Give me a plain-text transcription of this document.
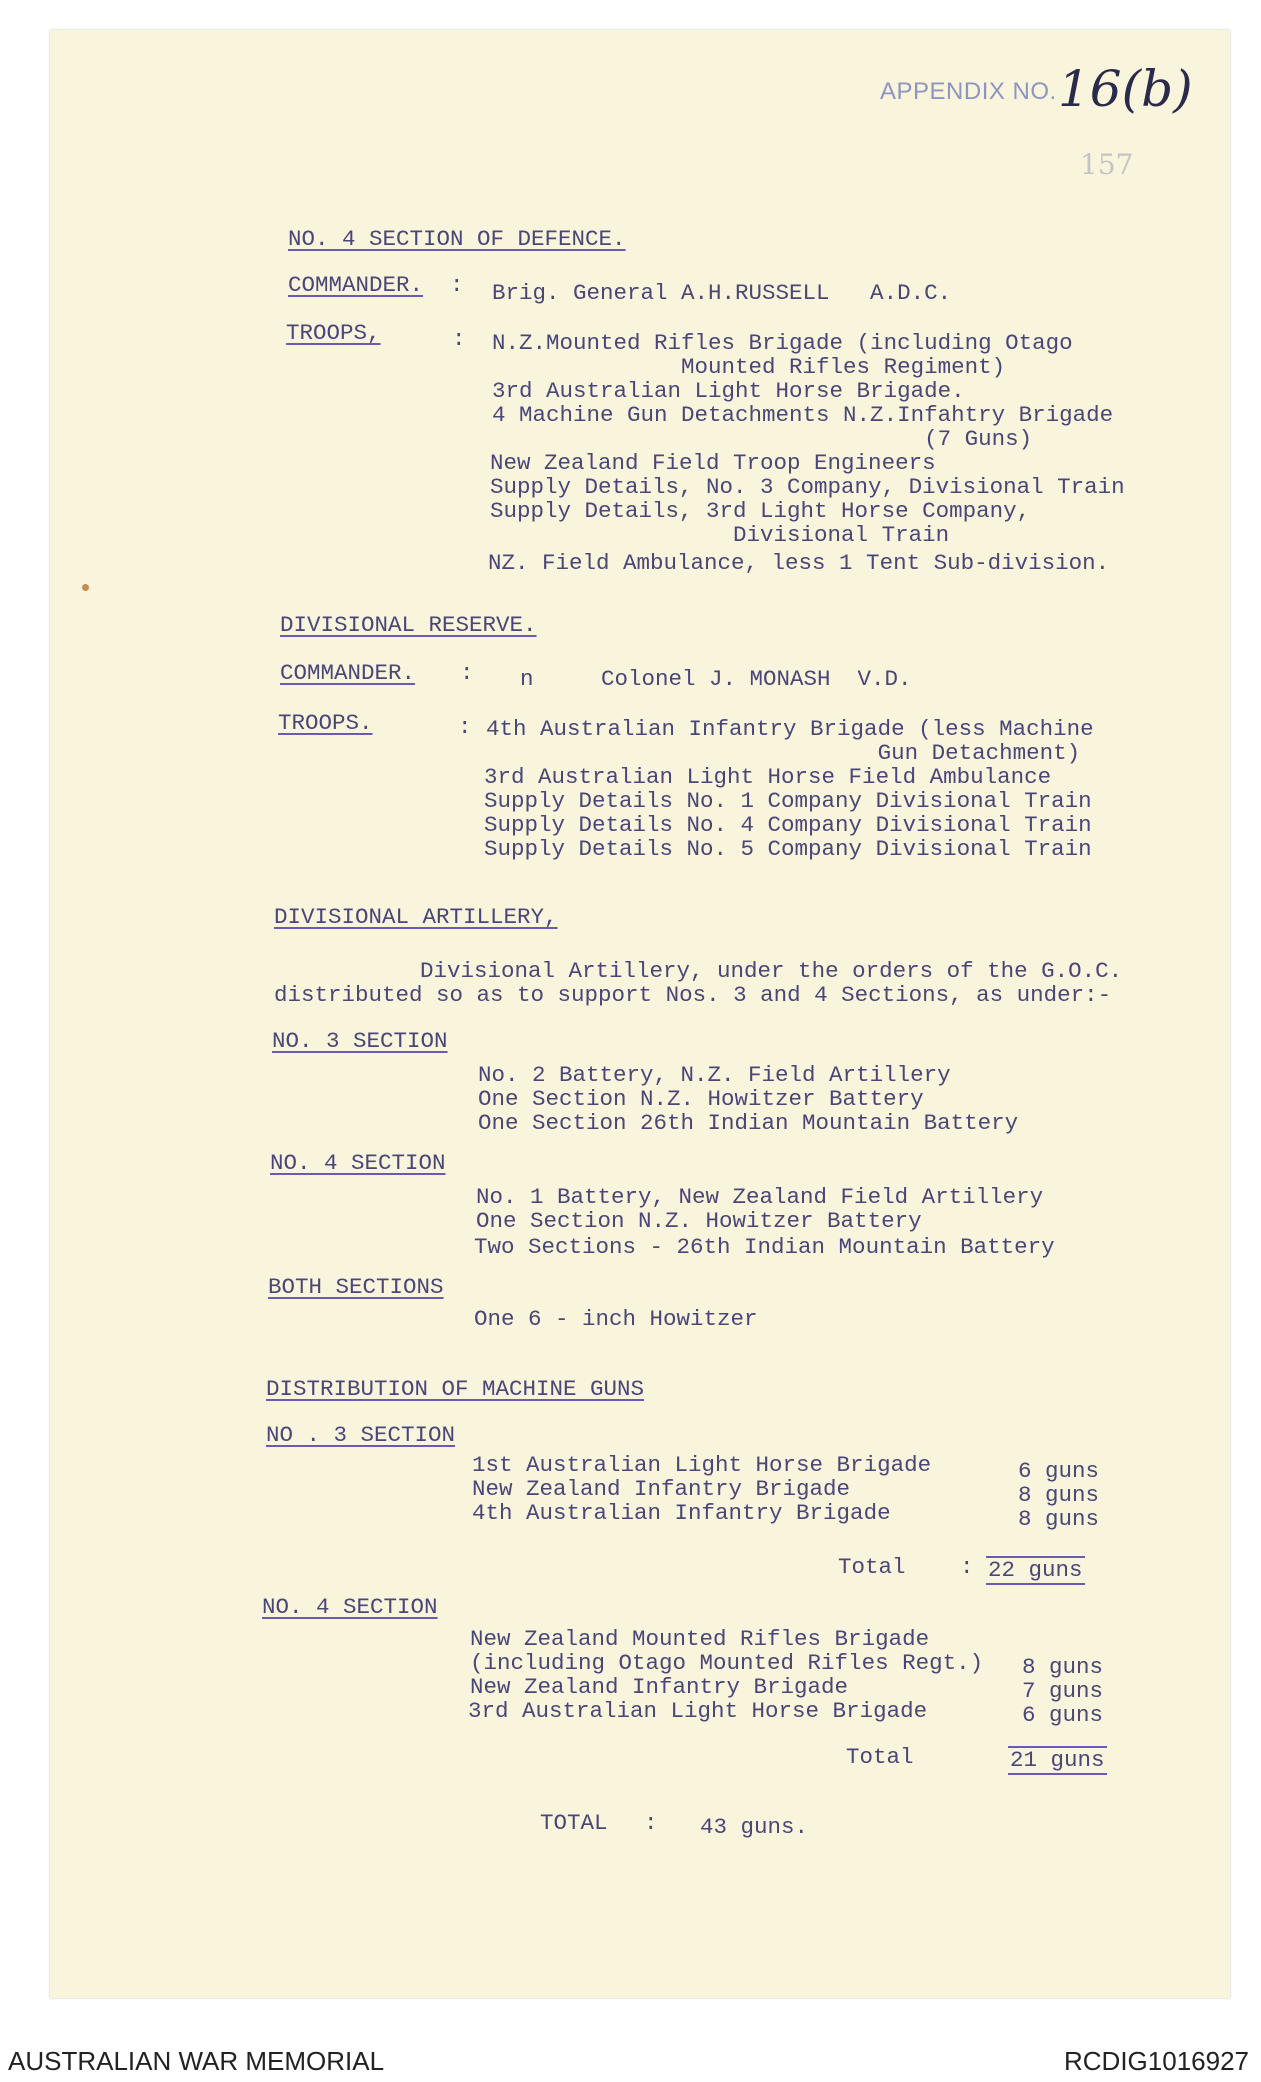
APPENDIX NO. 16(b)
157
NO. 4 SECTION OF DEFENCE.
COMMANDER. : Brig. General A.H.RUSSELL   A.D.C.
TROOPS,	: N.Z.Mounted Rifles Brigade (including Otago
Mounted Rifles Regiment)
3rd Australian Light Horse Brigade.
4 Machine Gun Detachments N.Z.Infahtry Brigade
(7 Guns)
New Zealand Field Troop Engineers
Supply Details, No. 3 Company, Divisional Train
Supply Details, 3rd Light Horse Company,
Divisional Train
NZ. Field Ambulance, less 1 Tent Sub-division.
DIVISIONAL RESERVE.
COMMANDER. : n     Colonel J. MONASH  V.D.
TROOPS.	: 4th Australian Infantry Brigade (less Machine
Gun Detachment)
3rd Australian Light Horse Field Ambulance
Supply Details No. 1 Company Divisional Train
Supply Details No. 4 Company Divisional Train
Supply Details No. 5 Company Divisional Train
DIVISIONAL ARTILLERY,
Divisional Artillery, under the orders of the G.O.C.
distributed so as to support Nos. 3 and 4 Sections, as under:-
NO. 3 SECTION
No. 2 Battery, N.Z. Field Artillery
One Section N.Z. Howitzer Battery
One Section 26th Indian Mountain Battery
NO. 4 SECTION
No. 1 Battery, New Zealand Field Artillery
One Section N.Z. Howitzer Battery
Two Sections - 26th Indian Mountain Battery
BOTH SECTIONS
One 6 - inch Howitzer
DISTRIBUTION OF MACHINE GUNS
NO . 3 SECTION
1st Australian Light Horse Brigade	6 guns
New Zealand Infantry Brigade	8 guns
4th Australian Infantry Brigade	8 guns
Total : 22 guns
NO. 4 SECTION
New Zealand Mounted Rifles Brigade
(including Otago Mounted Rifles Regt.) 8 guns
New Zealand Infantry Brigade	7 guns
3rd Australian Light Horse Brigade	6 guns
Total	21 guns
TOTAL : 43 guns.
AUSTRALIAN WAR MEMORIAL	RCDIG1016927
